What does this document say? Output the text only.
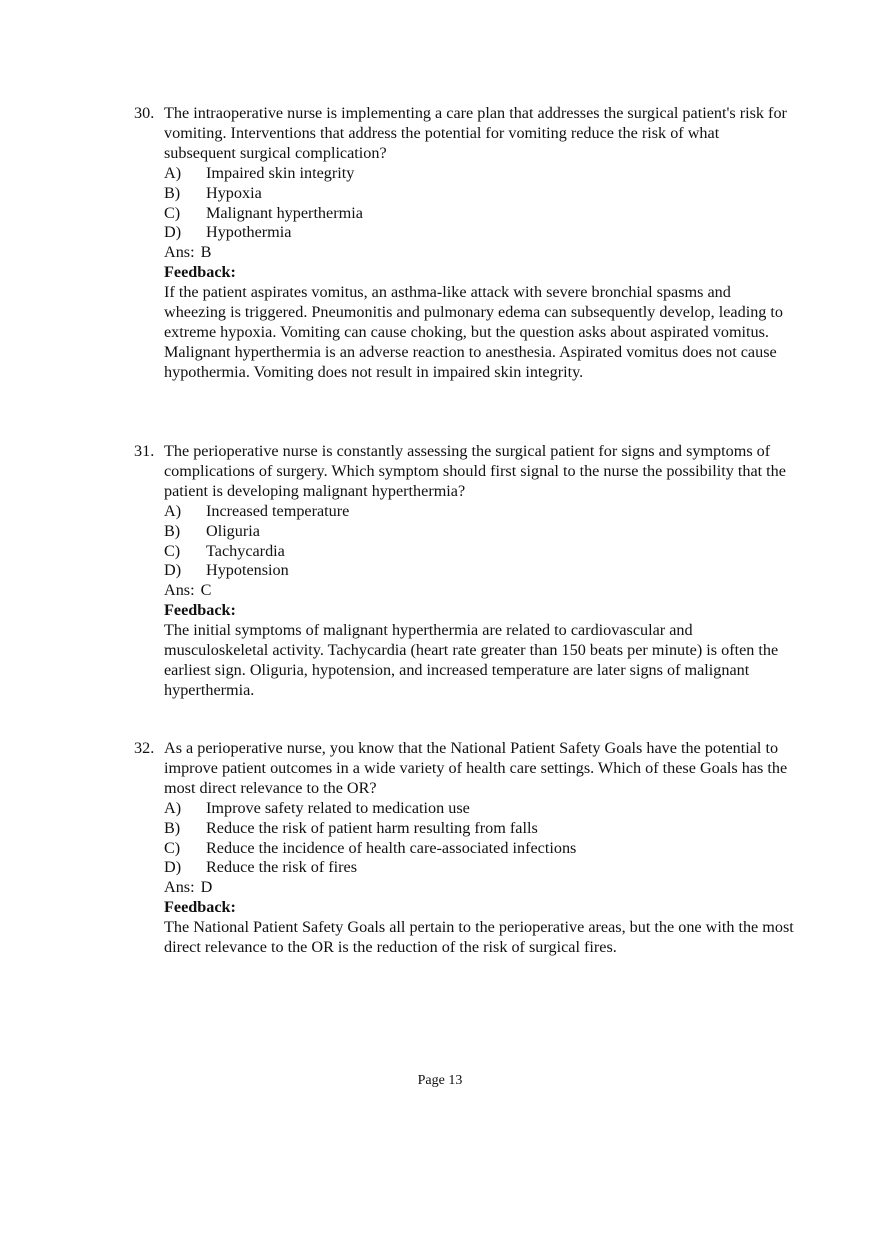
30. The intraoperative nurse is implementing a care plan that addresses the surgical patient's risk for vomiting. Interventions that address the potential for vomiting reduce the risk of what subsequent surgical complication?
A)	Impaired skin integrity
B)	Hypoxia
C)	Malignant hyperthermia
D)	Hypothermia
Ans: B
Feedback:
If the patient aspirates vomitus, an asthma-like attack with severe bronchial spasms and wheezing is triggered. Pneumonitis and pulmonary edema can subsequently develop, leading to extreme hypoxia. Vomiting can cause choking, but the question asks about aspirated vomitus. Malignant hyperthermia is an adverse reaction to anesthesia. Aspirated vomitus does not cause hypothermia. Vomiting does not result in impaired skin integrity.
31. The perioperative nurse is constantly assessing the surgical patient for signs and symptoms of complications of surgery. Which symptom should first signal to the nurse the possibility that the patient is developing malignant hyperthermia?
A)	Increased temperature
B)	Oliguria
C)	Tachycardia
D)	Hypotension
Ans: C
Feedback:
The initial symptoms of malignant hyperthermia are related to cardiovascular and musculoskeletal activity. Tachycardia (heart rate greater than 150 beats per minute) is often the earliest sign. Oliguria, hypotension, and increased temperature are later signs of malignant hyperthermia.
32. As a perioperative nurse, you know that the National Patient Safety Goals have the potential to improve patient outcomes in a wide variety of health care settings. Which of these Goals has the most direct relevance to the OR?
A)	Improve safety related to medication use
B)	Reduce the risk of patient harm resulting from falls
C)	Reduce the incidence of health care-associated infections
D)	Reduce the risk of fires
Ans: D
Feedback:
The National Patient Safety Goals all pertain to the perioperative areas, but the one with the most direct relevance to the OR is the reduction of the risk of surgical fires.
Page 13
